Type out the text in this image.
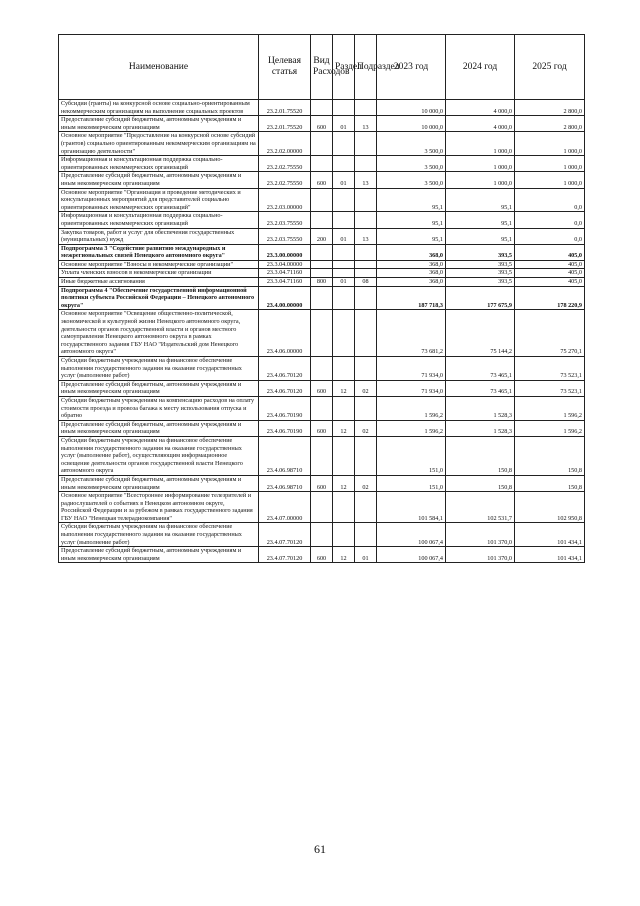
Наименование	Целевая статья	Вид Расходов	Раздел	Подраздел	2023 год	2024 год	2025 год
Субсидии (гранты) на конкурсной основе социально-ориентированным некоммерческим организациям на выполнение социальных проектов	23.2.01.75520				10 000,0	4 000,0	2 800,0
Предоставление субсидий бюджетным, автономным учреждениям и иным некоммерческим организациям	23.2.01.75520	600	01	13	10 000,0	4 000,0	2 800,0
Основное мероприятие "Предоставление на конкурсной основе субсидий (грантов) социально ориентированным некоммерческим организациям на организацию деятельности"	23.2.02.00000				3 500,0	1 000,0	1 000,0
Информационная и консультационная поддержка социально-ориентированных некоммерческих организаций	23.2.02.75550				3 500,0	1 000,0	1 000,0
Предоставление субсидий бюджетным, автономным учреждениям и иным некоммерческим организациям	23.2.02.75550	600	01	13	3 500,0	1 000,0	1 000,0
Основное мероприятие "Организация и проведение методических и консультационных мероприятий для представителей социально ориентированных некоммерческих организаций"	23.2.03.00000				95,1	95,1	0,0
Информационная и консультационная поддержка социально-ориентированных некоммерческих организаций	23.2.03.75550				95,1	95,1	0,0
Закупка товаров, работ и услуг для обеспечения государственных (муниципальных) нужд	23.2.03.75550	200	01	13	95,1	95,1	0,0
Подпрограмма 3 "Содействие развитию международных и межрегиональных связей Ненецкого автономного округа"	23.3.00.00000				368,0	393,5	405,0
Основное мероприятие "Взносы в некоммерческие организации"	23.3.04.00000				368,0	393,5	405,0
Уплата членских взносов в некоммерческие организации	23.3.04.71160				368,0	393,5	405,0
Иные бюджетные ассигнования	23.3.04.71160	800	01	08	368,0	393,5	405,0
Подпрограмма 4 "Обеспечение государственной информационной политики субъекта Российской Федерации – Ненецкого автономного округа"	23.4.00.00000				187 718,3	177 675,9	178 220,9
Основное мероприятие "Освещение общественно-политической, экономической и культурной жизни Ненецкого автономного округа, деятельности органов государственной власти и органов местного самоуправления Ненецкого автономного округа в рамках государственного задания ГБУ НАО "Издательский дом Ненецкого автономного округа"	23.4.06.00000				73 681,2	75 144,2	75 270,1
Субсидии бюджетным учреждениям на финансовое обеспечение выполнения государственного задания на оказание государственных услуг (выполнение работ)	23.4.06.70120				71 934,0	73 465,1	73 523,1
Предоставление субсидий бюджетным, автономным учреждениям и иным некоммерческим организациям	23.4.06.70120	600	12	02	71 934,0	73 465,1	73 523,1
Субсидии бюджетным учреждениям на компенсацию расходов на оплату стоимости проезда и провоза багажа к месту использования отпуска и обратно	23.4.06.70190				1 596,2	1 528,3	1 596,2
Предоставление субсидий бюджетным, автономным учреждениям и иным некоммерческим организациям	23.4.06.70190	600	12	02	1 596,2	1 528,3	1 596,2
Субсидии бюджетным учреждениям на финансовое обеспечение выполнения государственного задания на оказание государственных услуг (выполнение работ), осуществляющим информационное освещение деятельности органов государственной власти Ненецкого автономного округа	23.4.06.98710				151,0	150,8	150,8
Предоставление субсидий бюджетным, автономным учреждениям и иным некоммерческим организациям	23.4.06.98710	600	12	02	151,0	150,8	150,8
Основное мероприятие "Всестороннее информирование телезрителей и радиослушателей о событиях в Ненецком автономном округе, Российской Федерации и за рубежом в рамках государственного задания ГБУ НАО "Ненецкая телерадиокомпания"	23.4.07.00000				101 584,1	102 531,7	102 950,8
Субсидии бюджетным учреждениям на финансовое обеспечение выполнения государственного задания на оказание государственных услуг (выполнение работ)	23.4.07.70120				100 067,4	101 370,0	101 434,1
Предоставление субсидий бюджетным, автономным учреждениям и иным некоммерческим организациям	23.4.07.70120	600	12	01	100 067,4	101 370,0	101 434,1
61
